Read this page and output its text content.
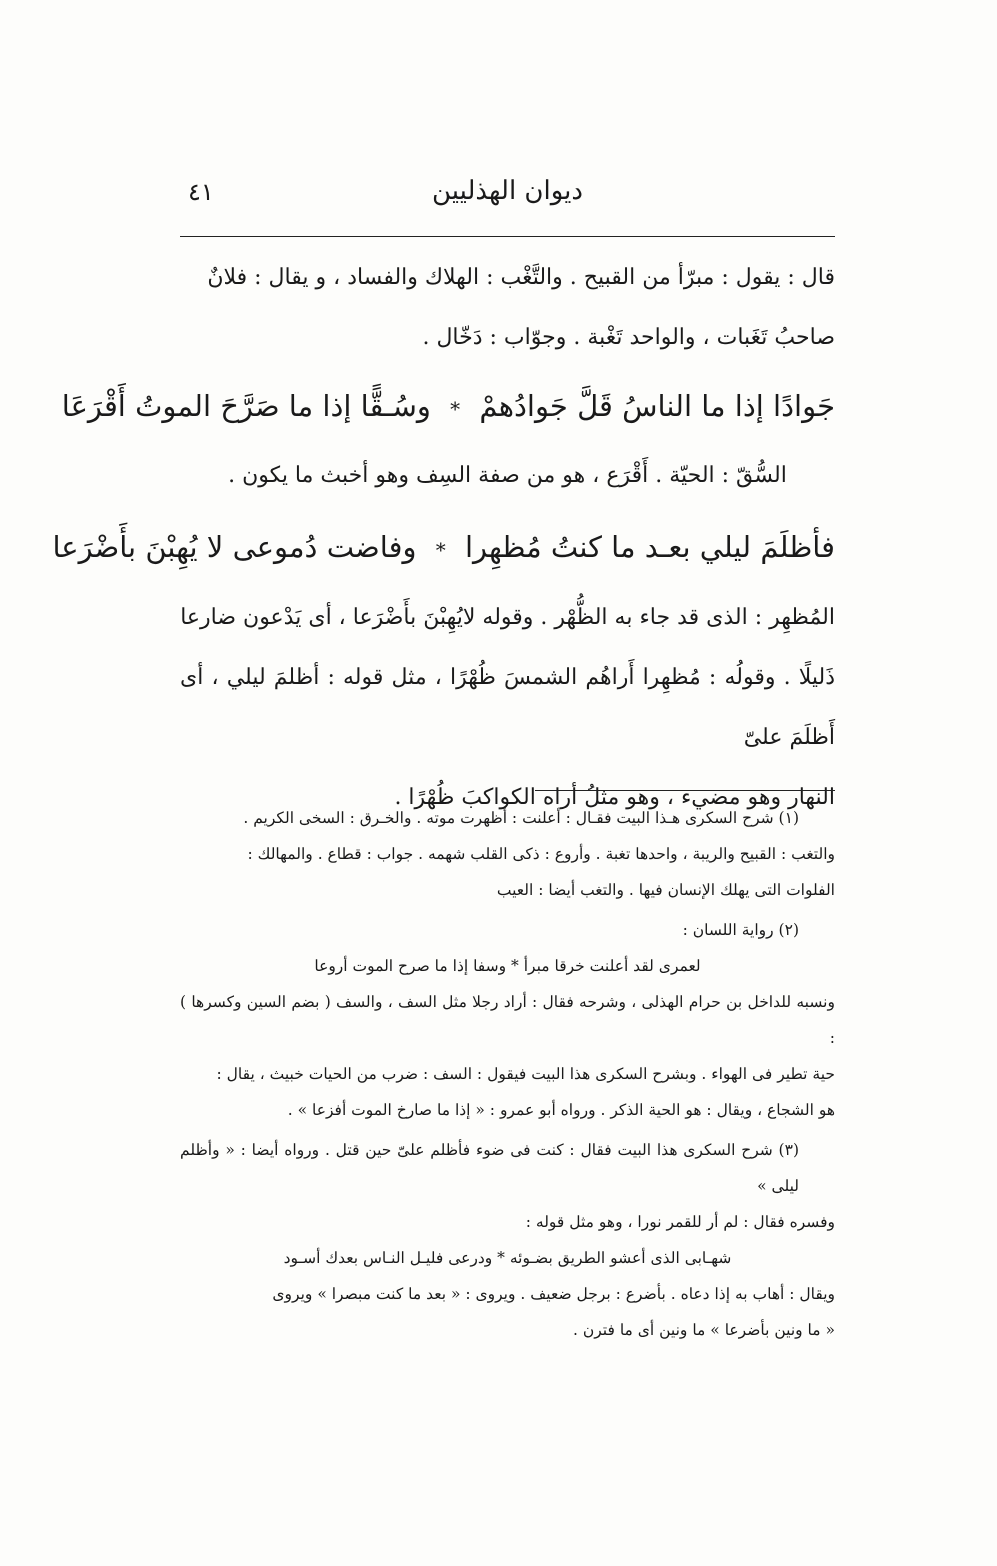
ديوان الهذليين
٤١

قال : يقول : مبرّأ من القبيح . والتَّغْب : الهلاك والفساد ، و يقال : فلانٌ

صاحبُ تَغَبات ، والواحد تَغْبة . وجوّاب : دَخّال .

جَوادًا إذا ما الناسُ قَلَّ جَوادُهمْ * وسُـقًّا إذا ما صَرَّحَ الموتُ أَقْرَعَا

السُّقّ : الحيّة . أَقْرَع ، هو من صفة السِف وهو أخبث ما يكون .

فأظلَمَ ليلي بعـد ما كنتُ مُظهِرا * وفاضت دُموعى لا يُهِبْنَ بأَضْرَعا

المُظهِر : الذى قد جاء به الظُّهْر . وقوله لايُهِبْنَ بأَضْرَعا ، أى يَدْعون ضارعا

ذَليلًا . وقولُه : مُظهِرا أَراهُم الشمسَ ظُهْرًا ، مثل قوله : أظلمَ ليلي ، أى أَظلَمَ علىّ

النهار وهو مضيء ، وهو مثلُ أراه الكواكبَ ظُهْرًا .

(١) شرح السكرى هـذا البيت فقـال : أعلنت : أظهرت موته . والخـرق : السخى الكريم .

والتغب : القبيح والريبة ، واحدها تغبة . وأروع : ذكى القلب شهمه . جواب : قطاع . والمهالك :

الفلوات التى يهلك الإنسان فيها . والتغب أيضا : العيب

(٢) رواية اللسان :

لعمرى لقد أعلنت خرقا مبرأ * وسفا إذا ما صرح الموت أروعا

ونسبه للداخل بن حرام الهذلى ، وشرحه فقال : أراد رجلا مثل السف ، والسف ( بضم السين وكسرها ) :

حية تطير فى الهواء . وبشرح السكرى هذا البيت فيقول : السف : ضرب من الحيات خبيث ، يقال :

هو الشجاع ، ويقال : هو الحية الذكر . ورواه أبو عمرو : « إذا ما صارخ الموت أفزعا » .

(٣) شرح السكرى هذا البيت فقال : كنت فى ضوء فأظلم علىّ حين قتل . ورواه أيضا : « وأظلم ليلى »

وفسره فقال : لم أر للقمر نورا ، وهو مثل قوله :

شهـابى الذى أعشو الطريق بضـوئه * ودرعى فليـل النـاس بعدك أسـود

ويقال : أهاب به إذا دعاه . بأضرع : برجل ضعيف . ويروى : « بعد ما كنت مبصرا » ويروى

« ما ونين بأضرعا » ما ونين أى ما فترن .
